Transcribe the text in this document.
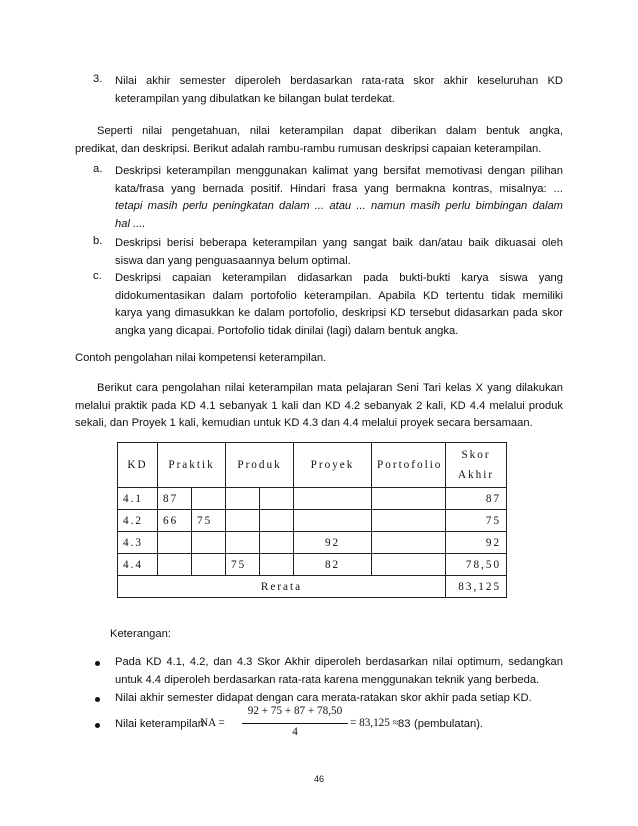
3. Nilai akhir semester diperoleh berdasarkan rata-rata skor akhir keseluruhan KD
keterampilan yang dibulatkan ke bilangan bulat terdekat.
Seperti nilai pengetahuan, nilai keterampilan dapat diberikan dalam bentuk angka,
predikat, dan deskripsi. Berikut adalah rambu-rambu rumusan deskripsi capaian keterampilan.
a. Deskripsi keterampilan menggunakan kalimat yang bersifat memotivasi dengan pilihan
kata/frasa yang bernada positif. Hindari frasa yang bermakna kontras, misalnya: ...
tetapi masih perlu peningkatan dalam ... atau ... namun masih perlu bimbingan dalam
hal ....
b. Deskripsi berisi beberapa keterampilan yang sangat baik dan/atau baik dikuasai oleh
siswa dan yang penguasaannya belum optimal.
c. Deskripsi capaian keterampilan didasarkan pada bukti-bukti karya siswa yang
didokumentasikan dalam portofolio keterampilan. Apabila KD tertentu tidak memiliki
karya yang dimasukkan ke dalam portofolio, deskripsi KD tersebut didasarkan pada skor
angka yang dicapai. Portofolio tidak dinilai (lagi) dalam bentuk angka.
Contoh pengolahan nilai kompetensi keterampilan.
Berikut cara pengolahan nilai keterampilan mata pelajaran Seni Tari kelas X yang dilakukan
melalui praktik pada KD 4.1 sebanyak 1 kali dan KD 4.2 sebanyak 2 kali, KD 4.4 melalui produk
sekali, dan Proyek 1 kali, kemudian untuk KD 4.3 dan 4.4 melalui proyek secara bersamaan.
KD	Praktik		Produk		Proyek	Portofolio	Skor
Akhir

4.1	87						87
4.2	66	75					75
4.3					92		92
4.4			75		82		78,50
Rerata							83,125
Keterangan:
Pada KD 4.1, 4.2, dan 4.3 Skor Akhir diperoleh berdasarkan nilai optimum, sedangkan
untuk 4.4 diperoleh berdasarkan rata-rata karena menggunakan teknik yang berbeda.
Nilai akhir semester didapat dengan cara merata-ratakan skor akhir pada setiap KD.
Nilai keterampilan
NA =
92 + 75 + 87 + 78,50
4
= 83,125 ≈ 83 (pembulatan).
46
